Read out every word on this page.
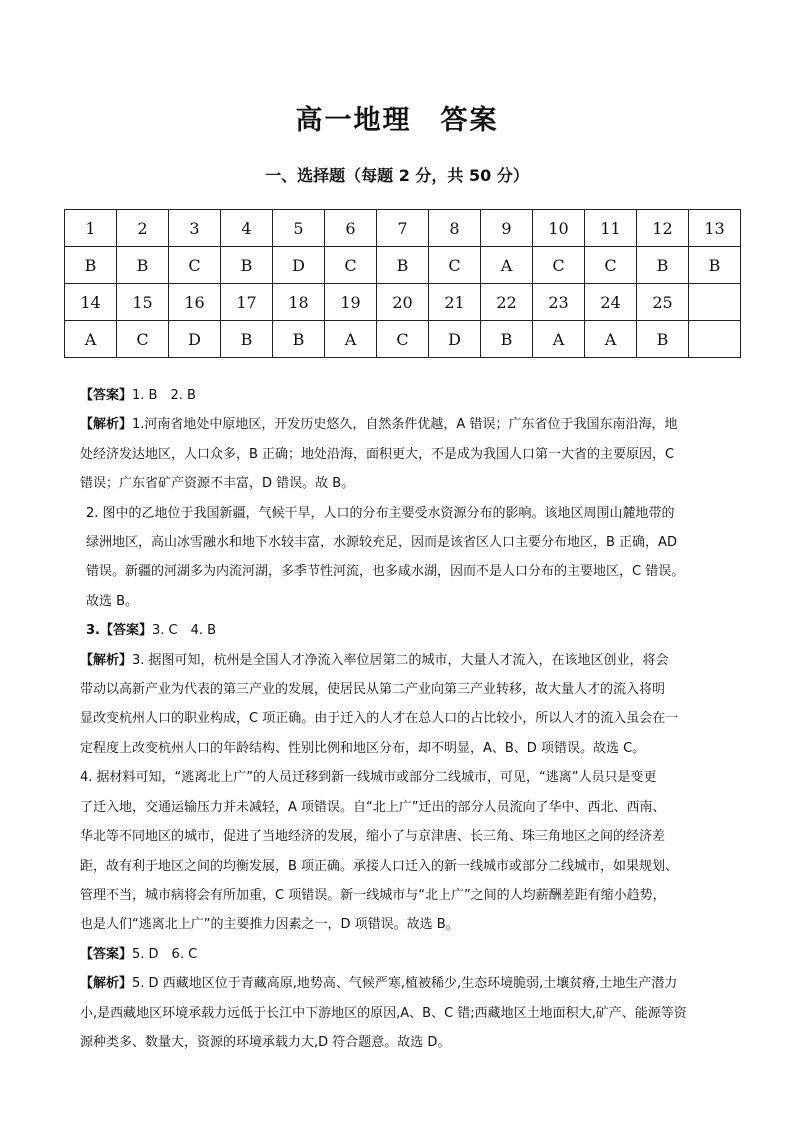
高一地理　答案
一、选择题（每题 2 分，共 50 分）
1	2	3	4	5	6	7	8	9	10	11	12	13
B	B	C	B	D	C	B	C	A	C	C	B	B
14	15	16	17	18	19	20	21	22	23	24	25	
A	C	D	B	B	A	C	D	B	A	A	B	

【答案】1. B　2. B

【解析】1.河南省地处中原地区，开发历史悠久，自然条件优越，A 错误；广东省位于我国东南沿海，地

处经济发达地区，人口众多，B 正确；地处沿海，面积更大，不是成为我国人口第一大省的主要原因，C

错误；广东省矿产资源不丰富，D 错误。故 B。

2. 图中的乙地位于我国新疆，气候干旱，人口的分布主要受水资源分布的影响。该地区周围山麓地带的

绿洲地区，高山冰雪融水和地下水较丰富，水源较充足，因而是该省区人口主要分布地区，B 正确，AD

错误。新疆的河湖多为内流河湖，多季节性河流，也多咸水湖，因而不是人口分布的主要地区，C 错误。

故选 B。

3.【答案】3. C　4. B

【解析】3. 据图可知，杭州是全国人才净流入率位居第二的城市，大量人才流入，在该地区创业，将会

带动以高新产业为代表的第三产业的发展，使居民从第二产业向第三产业转移，故大量人才的流入将明

显改变杭州人口的职业构成，C 项正确。由于迁入的人才在总人口的占比较小，所以人才的流入虽会在一

定程度上改变杭州人口的年龄结构、性别比例和地区分布，却不明显，A、B、D 项错误。故选 C。

4. 据材料可知，“逃离北上广”的人员迁移到新一线城市或部分二线城市，可见，“逃离”人员只是变更

了迁入地，交通运输压力并未减轻，A 项错误。自“北上广”迁出的部分人员流向了华中、西北、西南、

华北等不同地区的城市，促进了当地经济的发展，缩小了与京津唐、长三角、珠三角地区之间的经济差

距，故有利于地区之间的均衡发展，B 项正确。承接人口迁入的新一线城市或部分二线城市，如果规划、

管理不当，城市病将会有所加重，C 项错误。新一线城市与“北上广”之间的人均薪酬差距有缩小趋势，

也是人们“逃离北上广”的主要推力因素之一，D 项错误。故选 B。

【答案】5. D　6. C

【解析】5. D 西藏地区位于青藏高原,地势高、气候严寒,植被稀少,生态环境脆弱,土壤贫瘠,土地生产潜力

小,是西藏地区环境承载力远低于长江中下游地区的原因,A、B、C 错;西藏地区土地面积大,矿产、能源等资

源种类多、数量大，资源的环境承载力大,D 符合题意。故选 D。
